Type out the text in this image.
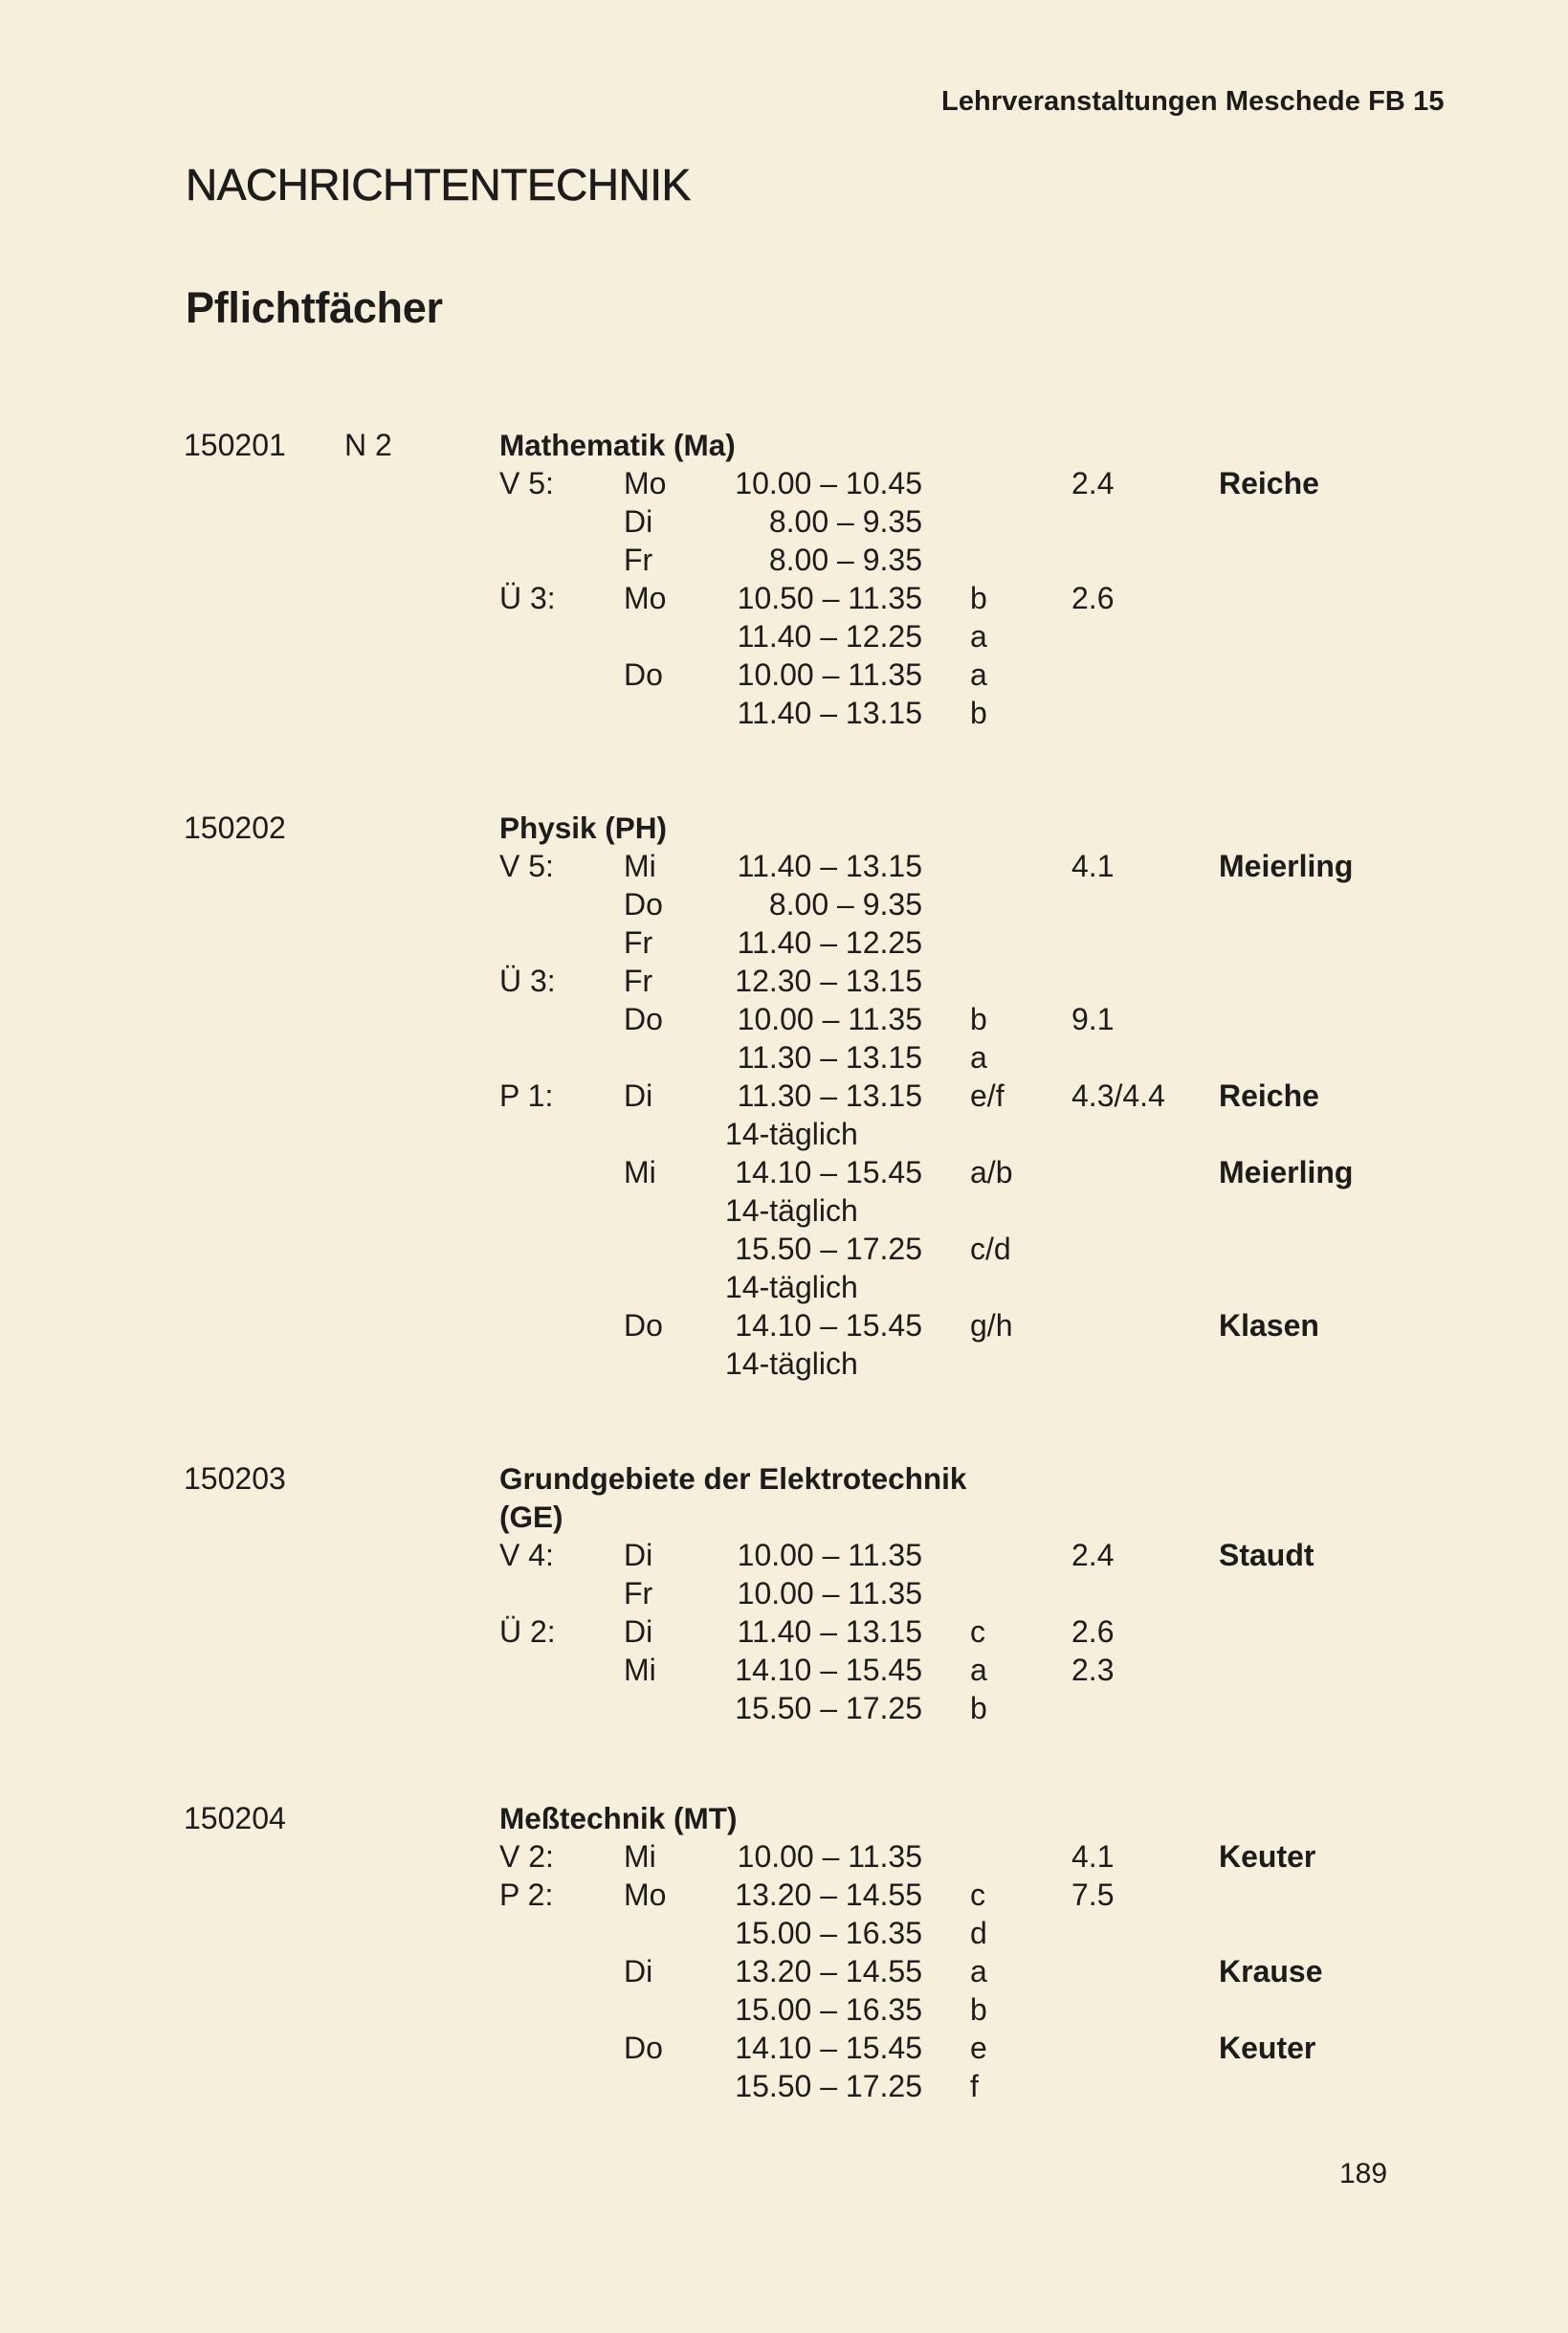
Lehrveranstaltungen Meschede FB 15
NACHRICHTENTECHNIK
Pflichtfächer
150201 N 2	Mathematik (Ma)
V 5: Mo	10.00 – 10.45	2.4	Reiche
Di	8.00 – 9.35
Fr	8.00 – 9.35
Ü 3: Mo	10.50 – 11.35 b	2.6
11.40 – 12.25 a
Do	10.00 – 11.35 a
11.40 – 13.15 b
150202	Physik (PH)
V 5: Mi	11.40 – 13.15	4.1	Meierling
Do	8.00 – 9.35
Fr	11.40 – 12.25
Ü 3: Fr	12.30 – 13.15
Do	10.00 – 11.35 b	9.1
11.30 – 13.15 a
P 1: Di	11.30 – 13.15 e/f 4.3/4.4 Reiche
14-täglich
Mi	14.10 – 15.45 a/b	Meierling
14-täglich
15.50 – 17.25 c/d
14-täglich
Do	14.10 – 15.45 g/h	Klasen
14-täglich
150203	Grundgebiete der Elektrotechnik
(GE)
V 4: Di	10.00 – 11.35	2.4	Staudt
Fr	10.00 – 11.35
Ü 2: Di	11.40 – 13.15 c	2.6
Mi	14.10 – 15.45 a	2.3
15.50 – 17.25 b
150204	Meßtechnik (MT)
V 2: Mi	10.00 – 11.35	4.1	Keuter
P 2: Mo	13.20 – 14.55 c	7.5
15.00 – 16.35 d
Di	13.20 – 14.55 a	Krause
15.00 – 16.35 b
Do	14.10 – 15.45 e	Keuter
15.50 – 17.25 f
189
